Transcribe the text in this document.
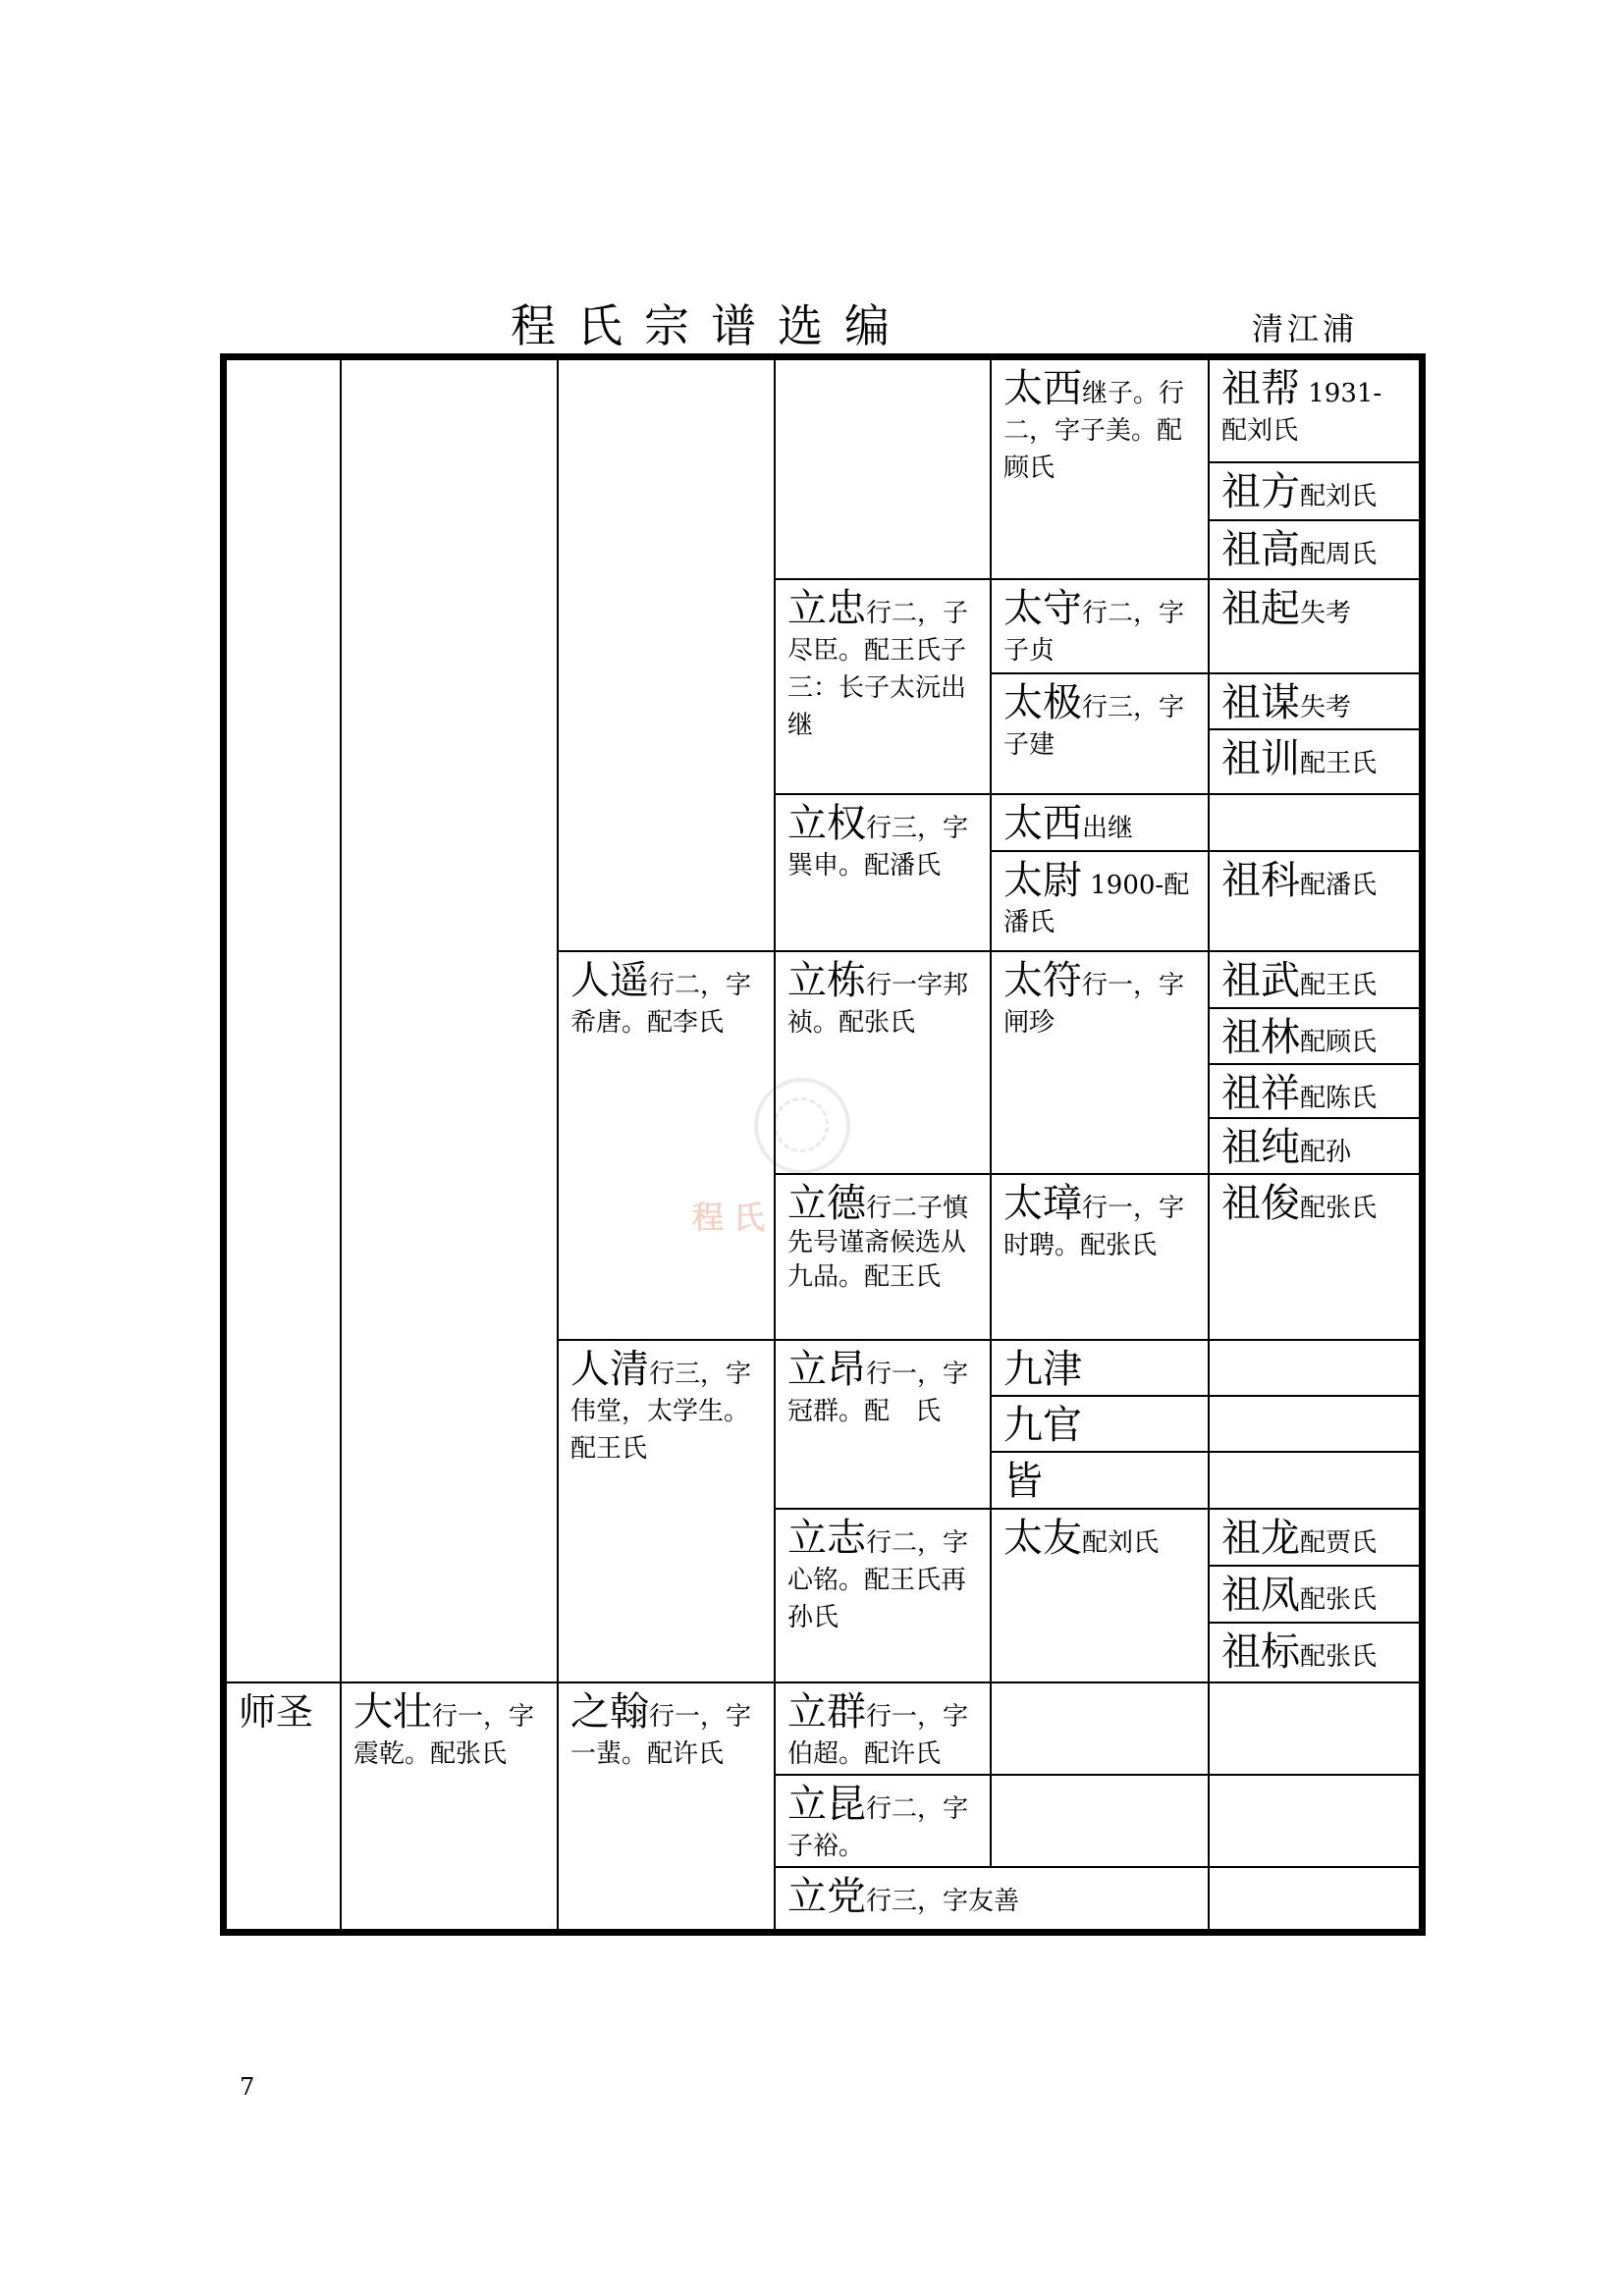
程氏宗谱选编	清江浦
程氏
师圣	大壮行一，字震乾。配张氏
人遥行二，字希唐。配李氏
人清行三，字伟堂，太学生。配王氏
之翰行一，字一蜚。配许氏
立忠行二，子尽臣。配王氏子三：长子太沅出继
立权行三，字巽申。配潘氏
立栋行一字邦祯。配张氏
立德行二子慎先号谨斋候选从九品。配王氏
立昂行一，字冠群。配　氏
立志行二，字心铭。配王氏再孙氏
立群行一，字伯超。配许氏
立昆行二，字子裕。
立党行三，字友善
太西继子。行二，字子美。配顾氏
太守行二，字子贞
太极行三，字子建
太西出继
太尉 1900-配潘氏
太符行一，字闸珍
太璋行一，字时聘。配张氏
九津
九官
皆
太友配刘氏
祖帮 1931-配刘氏
祖方配刘氏
祖高配周氏
祖起失考
祖谋失考
祖训配王氏
祖科配潘氏
祖武配王氏
祖林配顾氏
祖祥配陈氏
祖纯配孙
祖俊配张氏
祖龙配贾氏
祖凤配张氏
祖标配张氏
7
